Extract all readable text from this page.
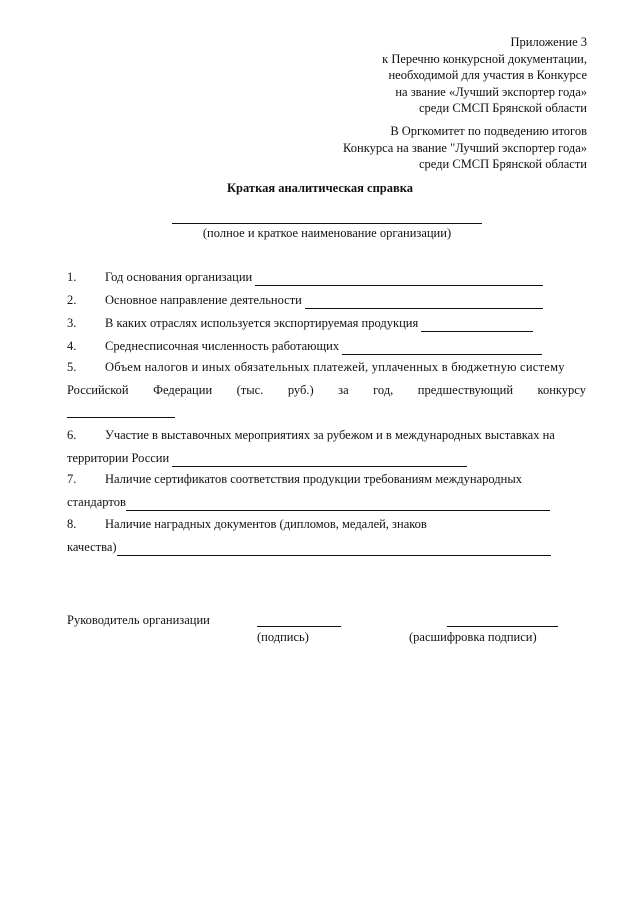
Приложение 3
к Перечню конкурсной документации,
необходимой для участия в Конкурсе
на звание «Лучший экспортер года»
среди СМСП Брянской области
В Оргкомитет по подведению итогов
Конкурса на звание "Лучший экспортер года»
среди СМСП Брянской области
Краткая аналитическая справка
(полное и краткое наименование организации)
1.	Год основания организации
2.	Основное направление деятельности
3.	В каких отраслях используется экспортируемая продукция
4.	Среднесписочная численность работающих
5.	Объем налогов и иных обязательных платежей, уплаченных в бюджетную систему
Российской Федерации (тыс. руб.) за год, предшествующий конкурсу
6.	Участие в выставочных мероприятиях за рубежом и в международных выставках на
территории России
7.	Наличие сертификатов соответствия продукции требованиям международных
стандартов
8.	Наличие наградных документов (дипломов, медалей, знаков
качества)
Руководитель организации
(подпись)	(расшифровка подписи)
